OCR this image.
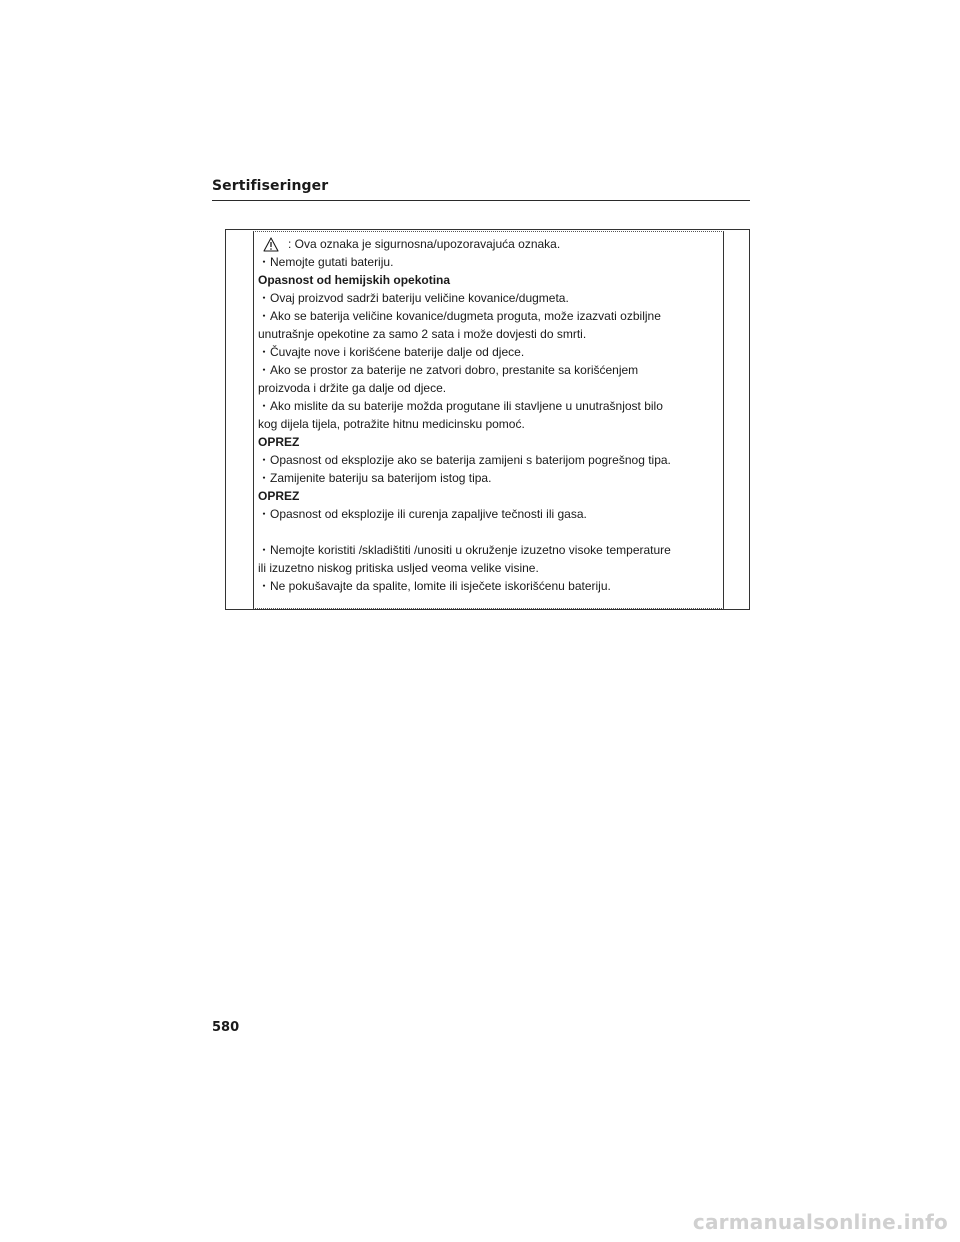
Sertifiseringer
: Ova oznaka je sigurnosna/upozoravajuća oznaka.
・Nemojte gutati bateriju.
Opasnost od hemijskih opekotina
・Ovaj proizvod sadrži bateriju veličine kovanice/dugmeta.
・Ako se baterija veličine kovanice/dugmeta proguta, može izazvati ozbiljne
unutrašnje opekotine za samo 2 sata i može dovjesti do smrti.
・Čuvajte nove i korišćene baterije dalje od djece.
・Ako se prostor za baterije ne zatvori dobro, prestanite sa korišćenjem
proizvoda i držite ga dalje od djece.
・Ako mislite da su baterije možda progutane ili stavljene u unutrašnjost bilo
kog dijela tijela, potražite hitnu medicinsku pomoć.
OPREZ
・Opasnost od eksplozije ako se baterija zamijeni s baterijom pogrešnog tipa.
・Zamijenite bateriju sa baterijom istog tipa.
OPREZ
・Opasnost od eksplozije ili curenja zapaljive tečnosti ili gasa.
・Nemojte koristiti /skladištiti /unositi u okruženje izuzetno visoke temperature
ili izuzetno niskog pritiska usljed veoma velike visine.
・Ne pokušavajte da spalite, lomite ili isječete iskorišćenu bateriju.
580
carmanualsonline.info
